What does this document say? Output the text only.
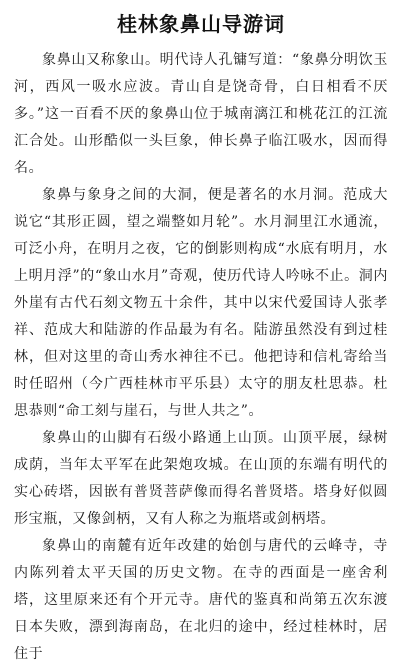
桂林象鼻山导游词

象鼻山又称象山。明代诗人孔镛写道：“象鼻分明饮玉河，西风一吸水应波。青山自是饶奇骨，白日相看不厌多。”这一百看不厌的象鼻山位于城南漓江和桃花江的江流汇合处。山形酷似一头巨象，伸长鼻子临江吸水，因而得名。

象鼻与象身之间的大洞，便是著名的水月洞。范成大说它“其形正圆，望之端整如月轮”。水月洞里江水通流，可泛小舟，在明月之夜，它的倒影则构成“水底有明月，水上明月浮”的“象山水月”奇观，使历代诗人吟咏不止。洞内外崖有古代石刻文物五十余件，其中以宋代爱国诗人张孝祥、范成大和陆游的作品最为有名。陆游虽然没有到过桂林，但对这里的奇山秀水神往不已。他把诗和信札寄给当时任昭州（今广西桂林市平乐县）太守的朋友杜思恭。杜思恭则“命工刻与崖石，与世人共之”。

象鼻山的山脚有石级小路通上山顶。山顶平展，绿树成荫，当年太平军在此架炮攻城。在山顶的东端有明代的实心砖塔，因嵌有普贤菩萨像而得名普贤塔。塔身好似圆形宝瓶，又像剑柄，又有人称之为瓶塔或剑柄塔。

象鼻山的南麓有近年改建的始创与唐代的云峰寺，寺内陈列着太平天国的历史文物。在寺的西面是一座舍利塔，这里原来还有个开元寺。唐代的鉴真和尚第五次东渡日本失败，漂到海南岛，在北归的途中，经过桂林时，居住于
